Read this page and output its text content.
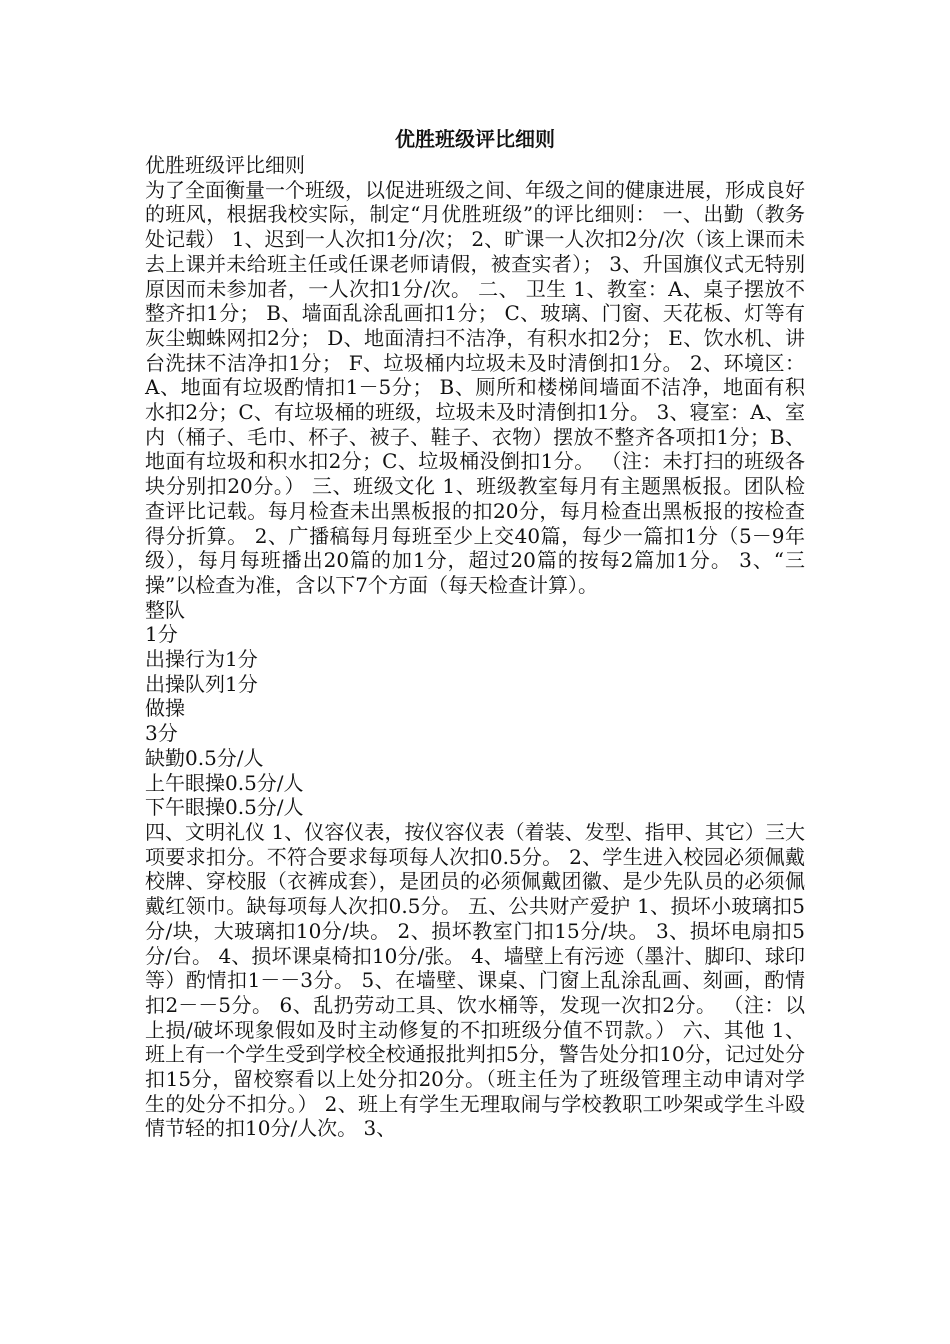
优胜班级评比细则
优胜班级评比细则

为了全面衡量一个班级，以促进班级之间、年级之间的健康进展，形成良好的班风，根据我校实际，制定“月优胜班级”的评比细则： 一、出勤（教务处记载） 1、迟到一人次扣1分/次； 2、旷课一人次扣2分/次（该上课而未去上课并未给班主任或任课老师请假，被查实者）； 3、升国旗仪式无特别原因而未参加者，一人次扣1分/次。 二、 卫生 1、教室：A、桌子摆放不整齐扣1分； B、墙面乱涂乱画扣1分； C、玻璃、门窗、天花板、灯等有灰尘蜘蛛网扣2分； D、地面清扫不洁净，有积水扣2分； E、饮水机、讲台洗抹不洁净扣1分； F、垃圾桶内垃圾未及时清倒扣1分。 2、环境区：A、地面有垃圾酌情扣1－5分； B、厕所和楼梯间墙面不洁净，地面有积水扣2分；C、有垃圾桶的班级，垃圾未及时清倒扣1分。 3、寝室：A、室内（桶子、毛巾、杯子、被子、鞋子、衣物）摆放不整齐各项扣1分；B、地面有垃圾和积水扣2分；C、垃圾桶没倒扣1分。 （注：未打扫的班级各块分别扣20分。） 三、班级文化 1、班级教室每月有主题黑板报。团队检查评比记载。每月检查未出黑板报的扣20分，每月检查出黑板报的按检查得分折算。 2、广播稿每月每班至少上交40篇，每少一篇扣1分（5－9年级），每月每班播出20篇的加1分，超过20篇的按每2篇加1分。 3、“三操”以检查为准，含以下7个方面（每天检查计算）。

整队
1分
出操行为1分
出操队列1分
做操
3分
缺勤0.5分/人
上午眼操0.5分/人
下午眼操0.5分/人

四、文明礼仪 1、仪容仪表，按仪容仪表（着装、发型、指甲、其它）三大项要求扣分。不符合要求每项每人次扣0.5分。 2、学生进入校园必须佩戴校牌、穿校服（衣裤成套），是团员的必须佩戴团徽、是少先队员的必须佩戴红领巾。缺每项每人次扣0.5分。 五、公共财产爱护 1、损坏小玻璃扣5分/块，大玻璃扣10分/块。 2、损坏教室门扣15分/块。 3、损坏电扇扣5分/台。 4、损坏课桌椅扣10分/张。 4、墙壁上有污迹（墨汁、脚印、球印等）酌情扣1－－3分。 5、在墙壁、课桌、门窗上乱涂乱画、刻画，酌情扣2－－5分。 6、乱扔劳动工具、饮水桶等，发现一次扣2分。 （注：以上损/破坏现象假如及时主动修复的不扣班级分值不罚款。） 六、其他 1、班上有一个学生受到学校全校通报批判扣5分，警告处分扣10分，记过处分扣15分，留校察看以上处分扣20分。（班主任为了班级管理主动申请对学生的处分不扣分。） 2、班上有学生无理取闹与学校教职工吵架或学生斗殴情节轻的扣10分/人次。 3、
